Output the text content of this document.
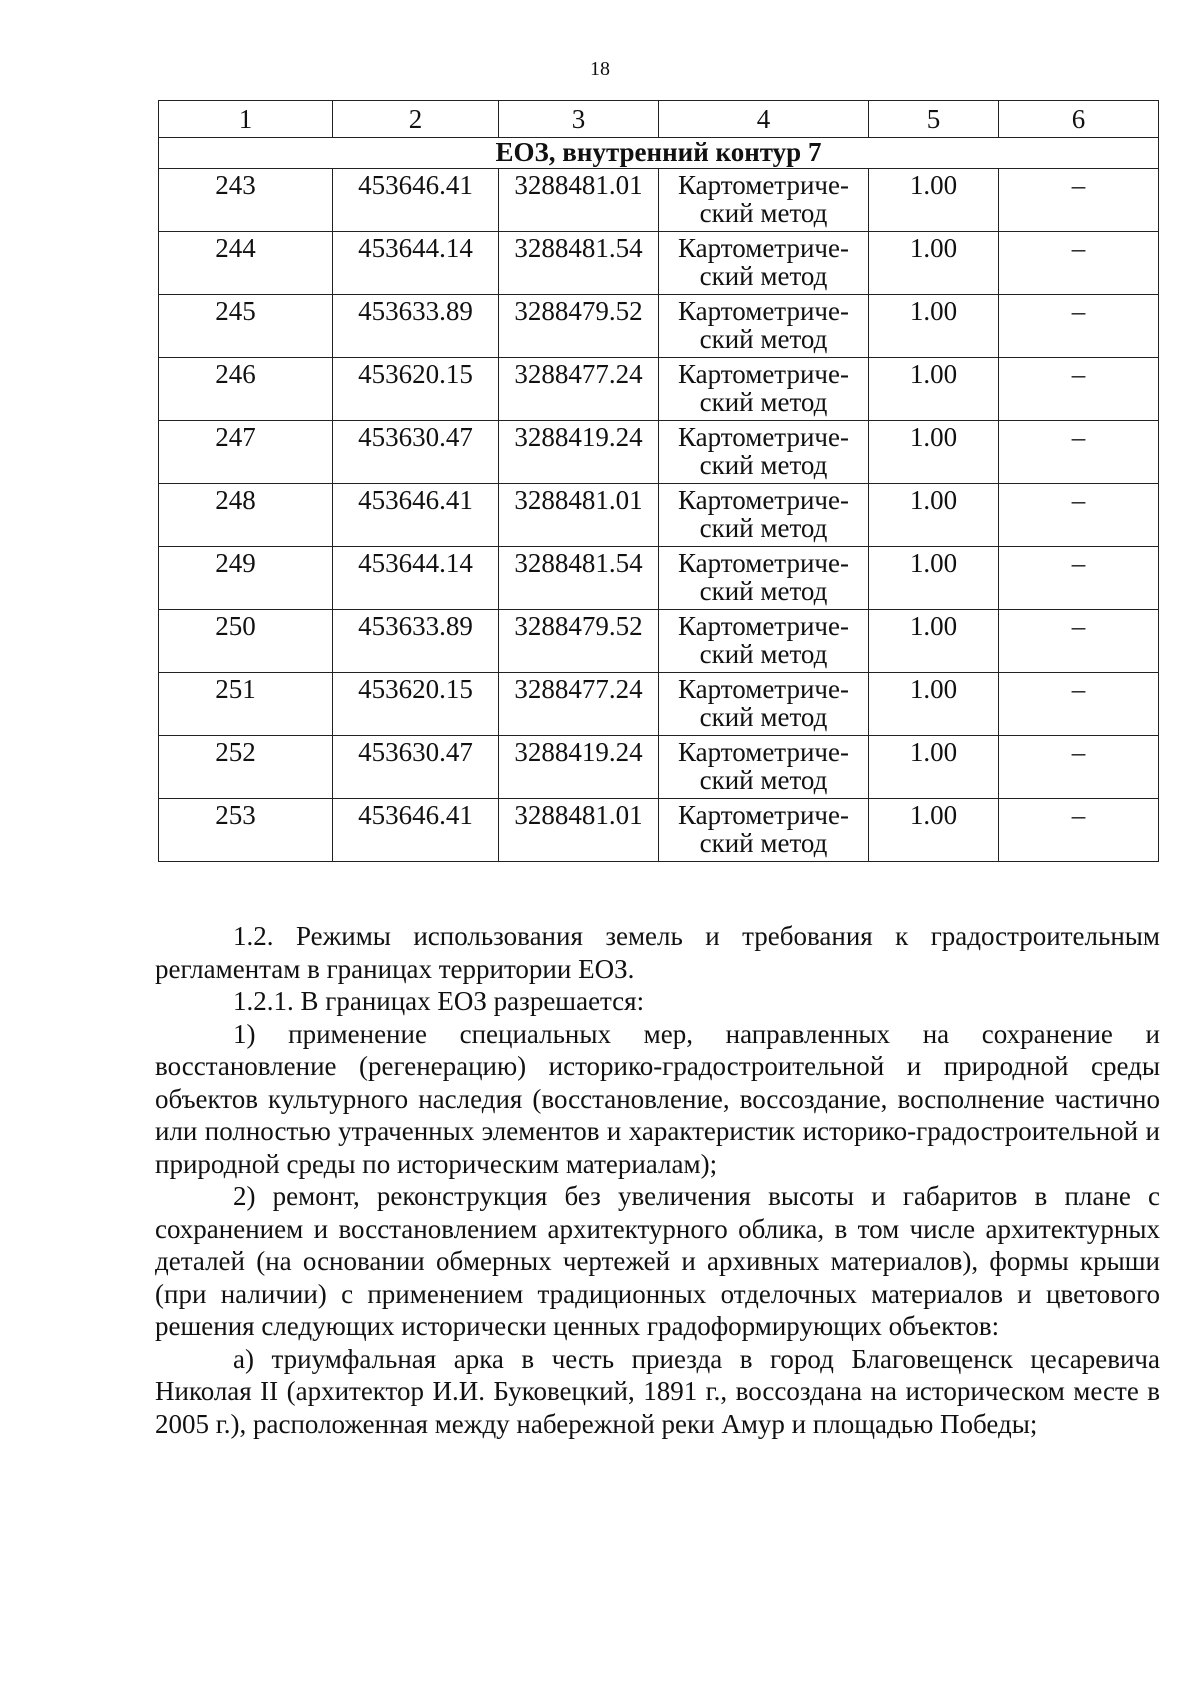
18
1	2	3	4	5	6
ЕОЗ, внутренний контур 7					
243	453646.41	3288481.01	Картометриче-ский метод	1.00	–
244	453644.14	3288481.54	Картометриче-ский метод	1.00	–
245	453633.89	3288479.52	Картометриче-ский метод	1.00	–
246	453620.15	3288477.24	Картометриче-ский метод	1.00	–
247	453630.47	3288419.24	Картометриче-ский метод	1.00	–
248	453646.41	3288481.01	Картометриче-ский метод	1.00	–
249	453644.14	3288481.54	Картометриче-ский метод	1.00	–
250	453633.89	3288479.52	Картометриче-ский метод	1.00	–
251	453620.15	3288477.24	Картометриче-ский метод	1.00	–
252	453630.47	3288419.24	Картометриче-ский метод	1.00	–
253	453646.41	3288481.01	Картометриче-ский метод	1.00	–

1.2. Режимы использования земель и требования к градостроительным регламентам в границах территории ЕОЗ.

1.2.1. В границах ЕОЗ разрешается:

1) применение специальных мер, направленных на сохранение и восстановление (регенерацию) историко-градостроительной и природной среды объектов культурного наследия (восстановление, воссоздание, восполнение частично или полностью утраченных элементов и характеристик историко-градостроительной и природной среды по историческим материалам);

2) ремонт, реконструкция без увеличения высоты и габаритов в плане с сохранением и восстановлением архитектурного облика, в том числе архитектурных деталей (на основании обмерных чертежей и архивных материалов), формы крыши (при наличии) с применением традиционных отделочных материалов и цветового решения следующих исторически ценных градоформирующих объектов:

а) триумфальная арка в честь приезда в город Благовещенск цесаревича Николая II (архитектор И.И. Буковецкий, 1891 г., воссоздана на историческом месте в 2005 г.), расположенная между набережной реки Амур и площадью Победы;
